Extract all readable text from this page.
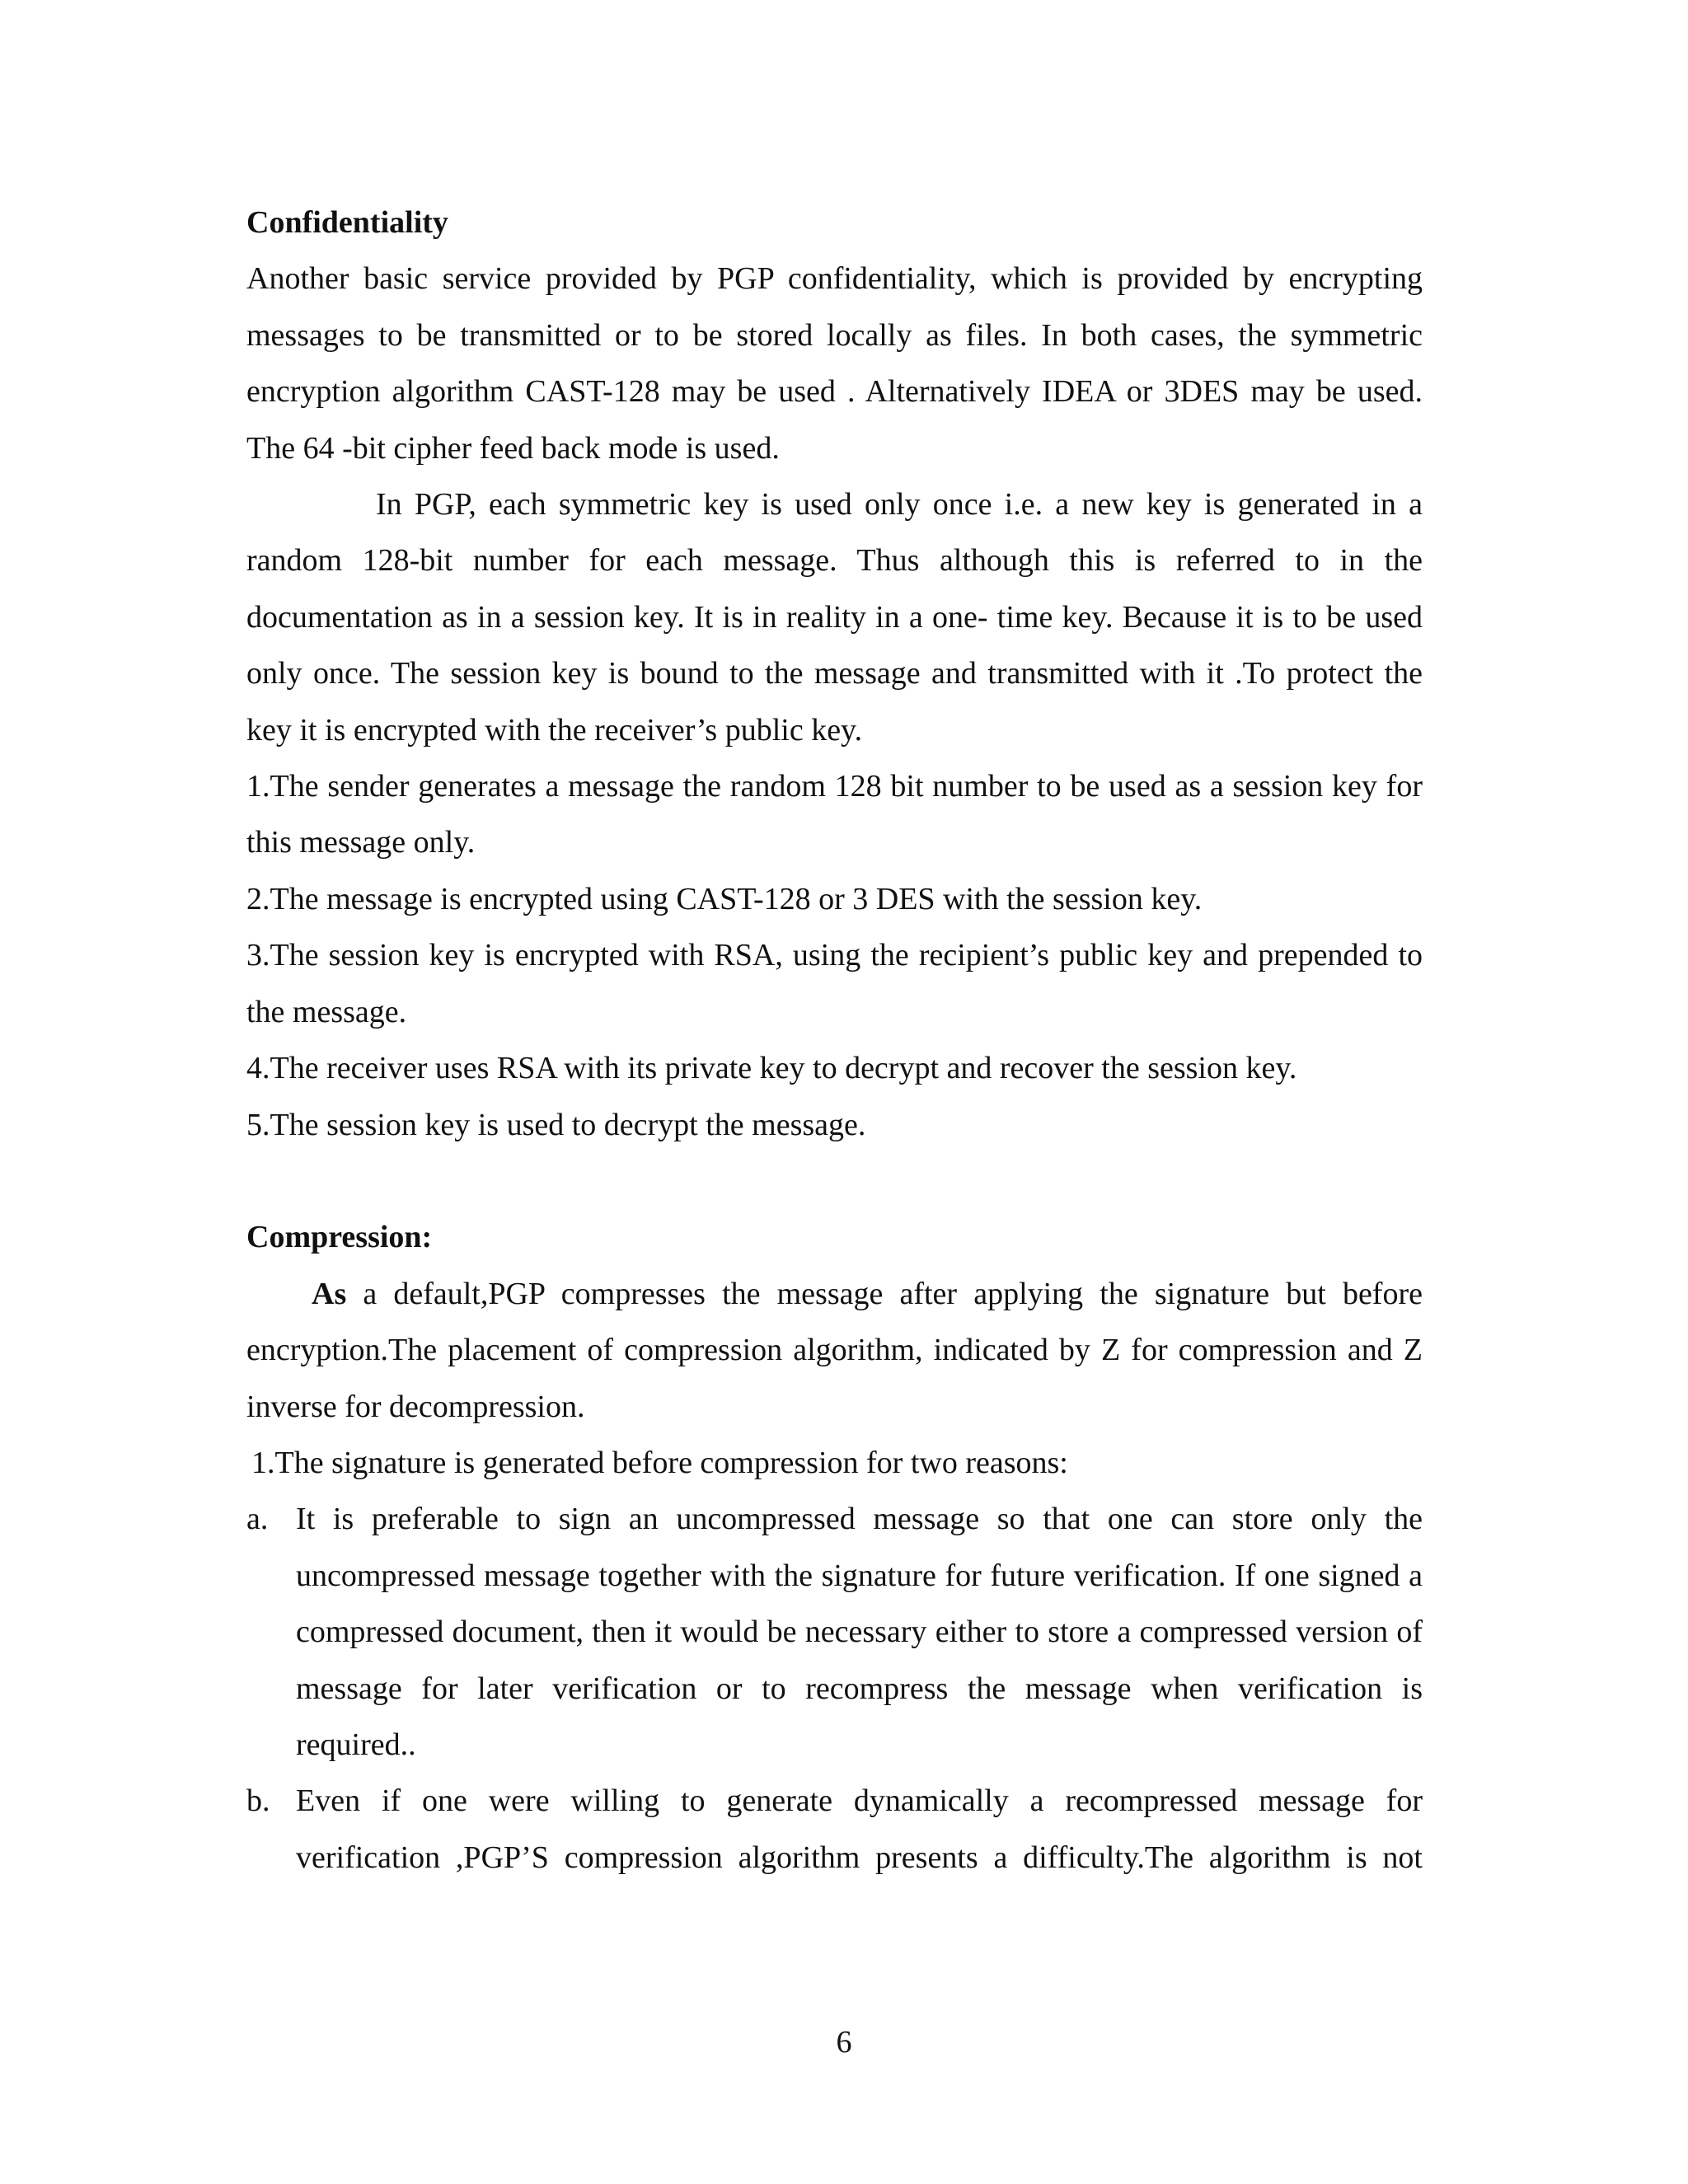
Confidentiality

Another basic service provided by PGP confidentiality, which is provided by encrypting messages to be transmitted or to be stored locally as files. In both cases, the symmetric encryption algorithm CAST-128 may be used . Alternatively IDEA or 3DES may be used. The 64 -bit cipher feed back mode is used.

In PGP, each symmetric key is used only once i.e. a new key is generated in a random 128-bit number for each message. Thus although this is referred to in the documentation as in a session key. It is in reality in a one- time key. Because it is to be used only once. The session key is bound to the message and transmitted with it .To protect the key it is encrypted with the receiver’s public key.

1.The sender generates a message the random 128 bit number to be used as a session key for this message only.

2.The message is encrypted using CAST-128 or 3 DES with the session key.

3.The session key is encrypted with RSA, using the recipient’s public key and prepended to the message.

4.The receiver uses RSA with its private key to decrypt and recover the session key.

5.The session key is used to decrypt the message.

Compression:

As a default,PGP compresses the message after applying the signature but before encryption.The placement of compression algorithm, indicated by Z for compression and Z inverse for decompression.

1.The signature is generated before compression for two reasons:

a. It is preferable to sign an uncompressed message so that one can store only the uncompressed message together with the signature for future verification. If one signed a compressed document, then it would be necessary either to store a compressed version of message for later verification or to recompress the message when verification is required..
b. Even if one were willing to generate dynamically a recompressed message for verification ,PGP’S compression algorithm presents a difficulty.The algorithm is not
6
